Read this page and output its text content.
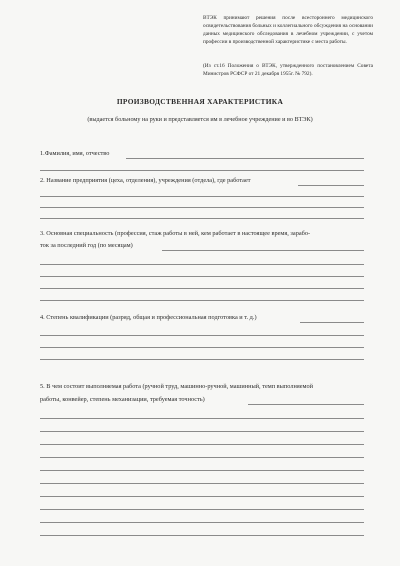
ВТЭК принимают решения после всестороннего медицинского освидетельствования больных и коллегиального обсуждения на основании данных медицинского обследования в лечебном учреждении, с учетом профессии в производственной характеристике с места работы.
(Из ст.16 Положения о ВТЭК, утвержденного постановлением Совета Министров РСФСР от 21 декабря 1955г. № 792).
ПРОИЗВОДСТВЕННАЯ ХАРАКТЕРИСТИКА
(выдается больному на руки и представляется им в лечебное учреждение и во ВТЭК)
1.Фамилия, имя, отчество
2. Название предприятия (цеха, отделения), учреждения (отдела), где работает
3. Основная специальность (профессия, стаж работы в ней, кем работает в настоящее время, зарабо-
ток за последний год (по месяцам)
4. Степень квалификации (разряд, общая и профессиональная подготовка и т. д.)
5. В чем состоит выполняемая работа (ручной труд, машинно-ручной, машинный, темп выполняемой
работы, конвейер, степень механизации, требуемая точность)
